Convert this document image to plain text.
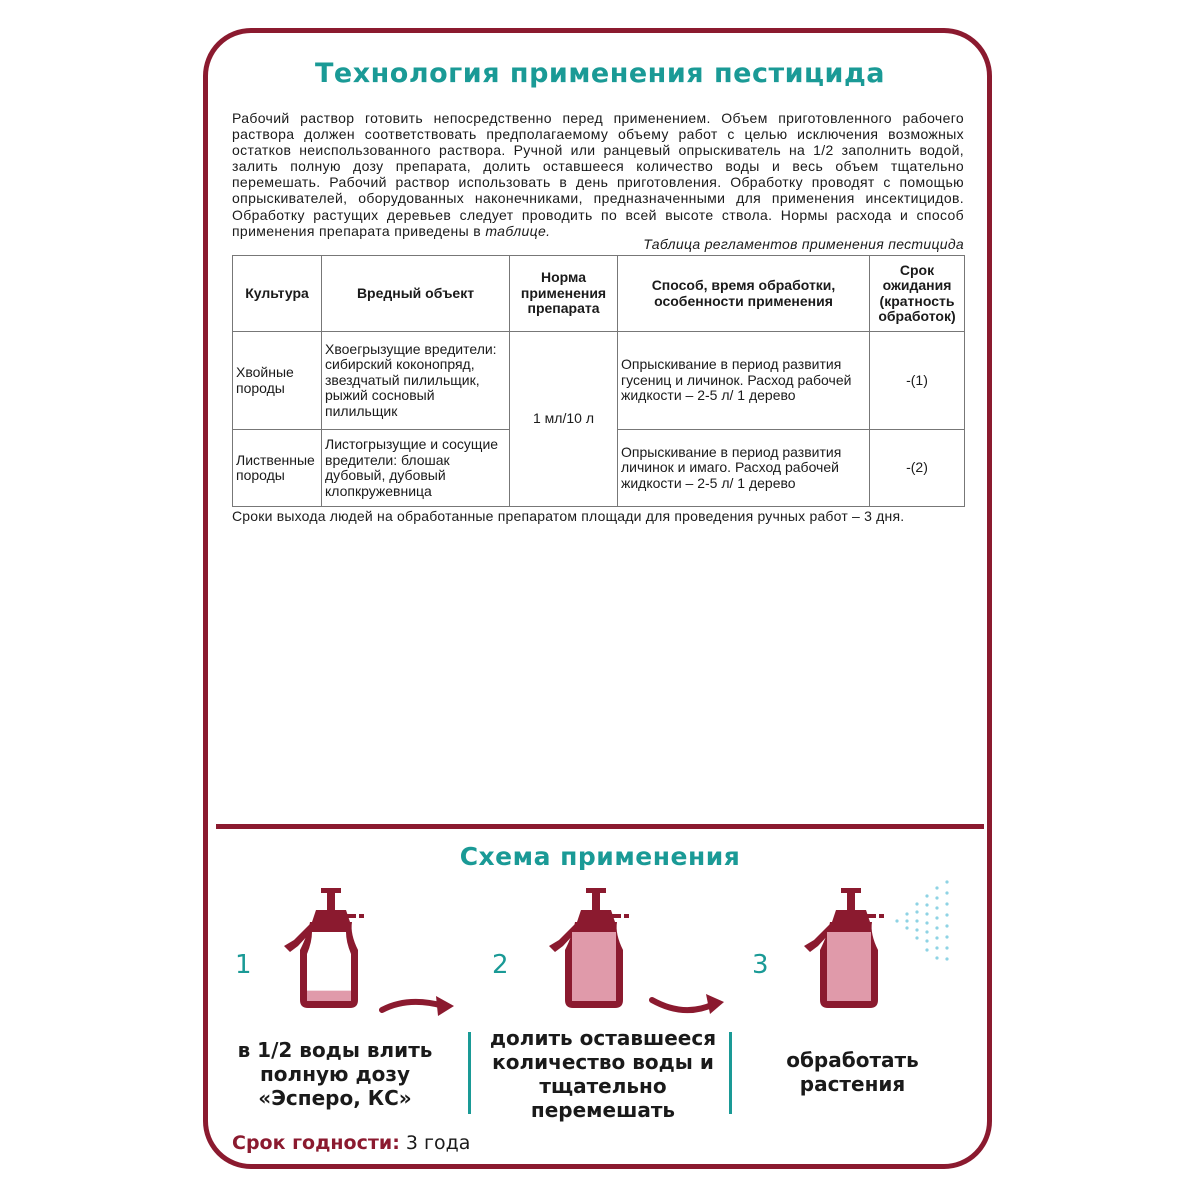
Технология применения пестицида

Рабочий раствор готовить непосредственно перед применением. Объем приготовленного рабочего раствора должен соответствовать предполагаемому объему работ с целью исключения возможных остатков неиспользованного раствора. Ручной или ранцевый опрыскиватель на 1/2 заполнить водой, залить полную дозу препарата, долить оставшееся количество воды и весь объем тщательно перемешать. Рабочий раствор использовать в день приготовления. Обработку проводят с помощью опрыскивателей, оборудованных наконечниками, предназначенными для применения инсектицидов. Обработку растущих деревьев следует проводить по всей высоте ствола. Нормы расхода и способ применения препарата приведены в таблице.

Таблица регламентов применения пестицида
Культура	Вредный объект	Норма применения препарата	Способ, время обработки, особенности применения	Срок ожидания (кратность обработок)
Хвойные породы	Хвоегрызущие вредители: сибирский коконопряд, звездчатый пилильщик, рыжий сосновый пилильщик	1 мл/10 л	Опрыскивание в период развития гусениц и личинок. Расход рабочей жидкости – 2-5 л/ 1 дерево	-(1)
Лиственные породы	Листогрызущие и сосущие вредители: блошак дубовый, дубовый клопкружевница		Опрыскивание в период развития личинок и имаго. Расход рабочей жидкости – 2-5 л/ 1 дерево	-(2)
Сроки выхода людей на обработанные препаратом площади для проведения ручных работ – 3 дня.
Схема применения
1	2	3

в 1/2 воды влить полную дозу «Эсперо, КС»

долить оставшееся количество воды и тщательно перемешать

обработать растения

Срок годности: 3 года
